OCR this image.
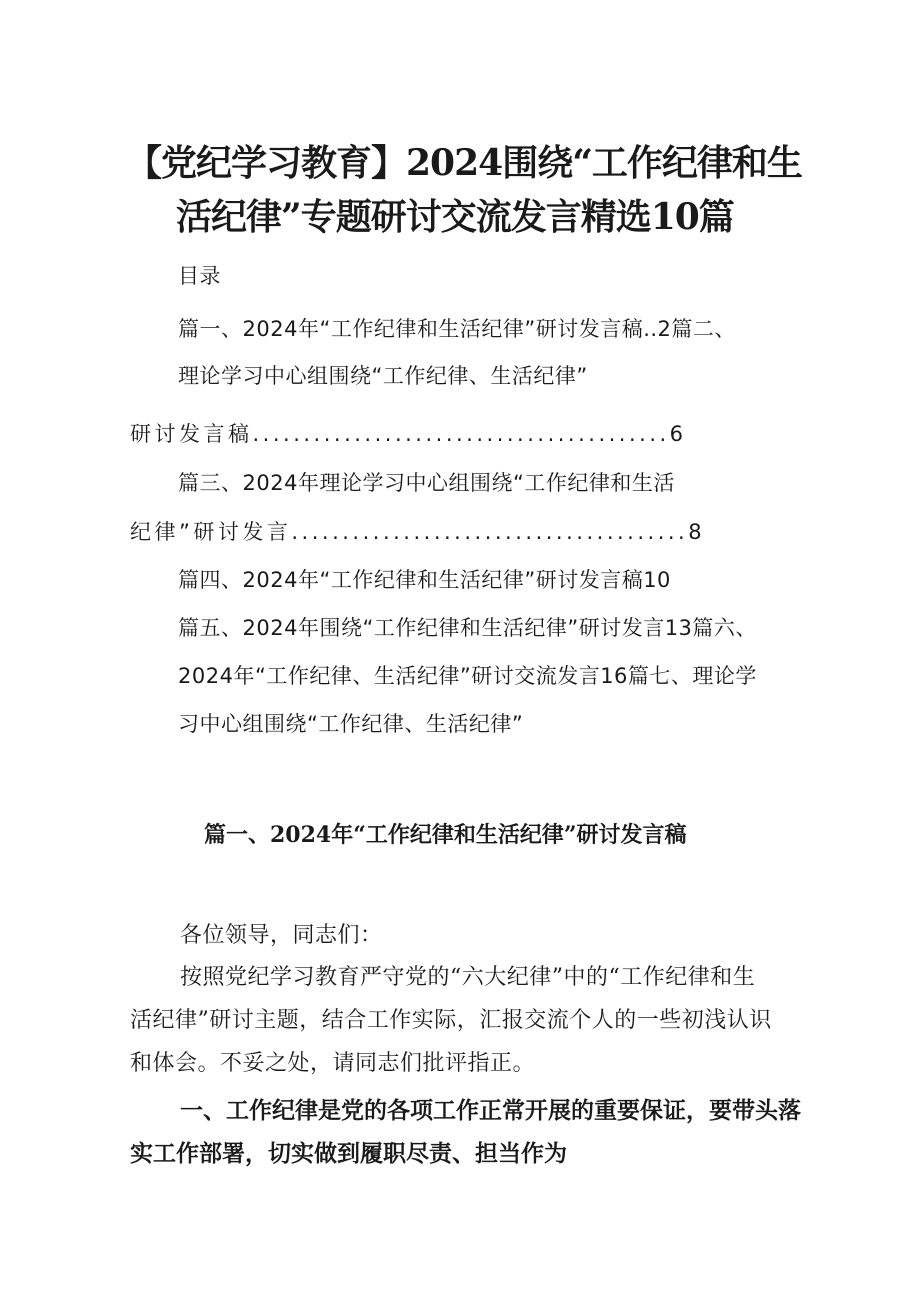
【党纪学习教育】2024围绕“工作纪律和生
活纪律”专题研讨交流发言精选10篇
目录
篇一、2024年“工作纪律和生活纪律”研讨发言稿..2篇二、
理论学习中心组围绕“工作纪律、生活纪律”
研讨发言稿.........................................6
篇三、2024年理论学习中心组围绕“工作纪律和生活
纪律”研讨发言.......................................8
篇四、2024年“工作纪律和生活纪律”研讨发言稿10
篇五、2024年围绕“工作纪律和生活纪律”研讨发言13篇六、
2024年“工作纪律、生活纪律”研讨交流发言16篇七、理论学
习中心组围绕“工作纪律、生活纪律”
篇一、2024年“工作纪律和生活纪律”研讨发言稿
各位领导，同志们：
按照党纪学习教育严守党的“六大纪律”中的“工作纪律和生
活纪律”研讨主题，结合工作实际，汇报交流个人的一些初浅认识
和体会。不妥之处，请同志们批评指正。
一、工作纪律是党的各项工作正常开展的重要保证，要带头落
实工作部署，切实做到履职尽责、担当作为
